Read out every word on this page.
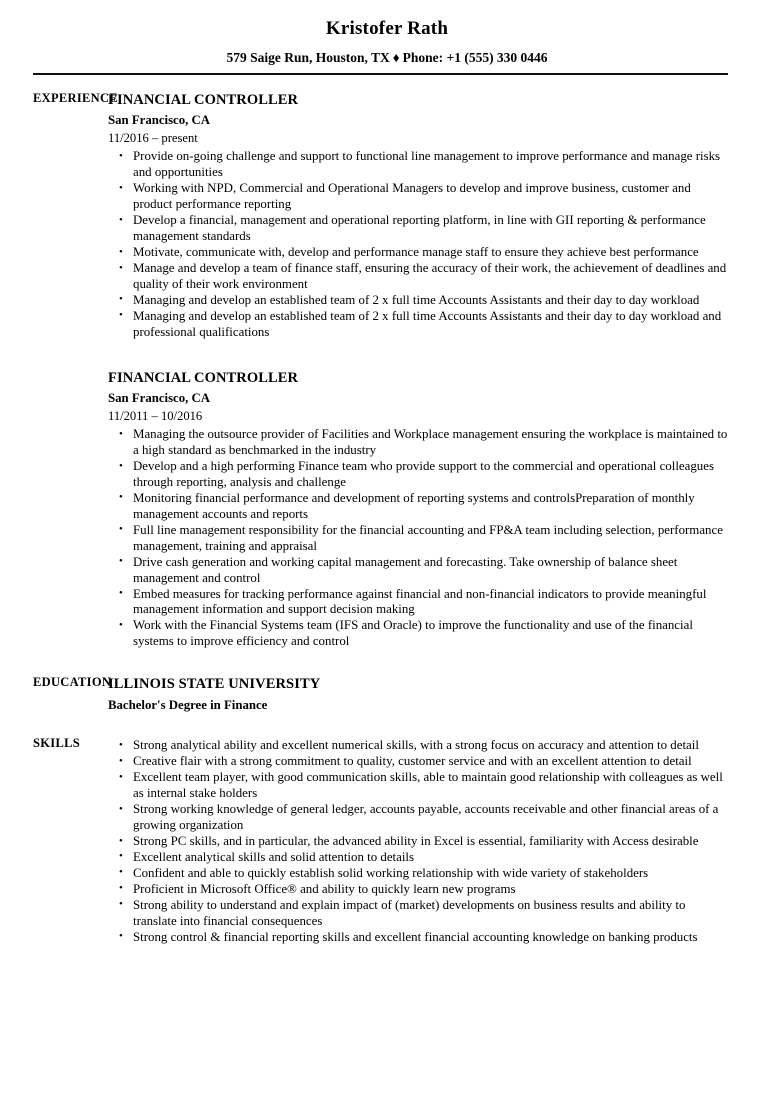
Kristofer Rath
579 Saige Run, Houston, TX ♦ Phone: +1 (555) 330 0446
EXPERIENCE
FINANCIAL CONTROLLER
San Francisco, CA
11/2016 – present
• Provide on-going challenge and support to functional line management to improve performance and manage risks and opportunities
• Working with NPD, Commercial and Operational Managers to develop and improve business, customer and product performance reporting
• Develop a financial, management and operational reporting platform, in line with GII reporting & performance management standards
• Motivate, communicate with, develop and performance manage staff to ensure they achieve best performance
• Manage and develop a team of finance staff, ensuring the accuracy of their work, the achievement of deadlines and quality of their work environment
• Managing and develop an established team of 2 x full time Accounts Assistants and their day to day workload
• Managing and develop an established team of 2 x full time Accounts Assistants and their day to day workload and professional qualifications
FINANCIAL CONTROLLER
San Francisco, CA
11/2011 – 10/2016
• Managing the outsource provider of Facilities and Workplace management ensuring the workplace is maintained to a high standard as benchmarked in the industry
• Develop and a high performing Finance team who provide support to the commercial and operational colleagues through reporting, analysis and challenge
• Monitoring financial performance and development of reporting systems and controlsPreparation of monthly management accounts and reports
• Full line management responsibility for the financial accounting and FP&A team including selection, performance management, training and appraisal
• Drive cash generation and working capital management and forecasting. Take ownership of balance sheet management and control
• Embed measures for tracking performance against financial and non-financial indicators to provide meaningful management information and support decision making
• Work with the Financial Systems team (IFS and Oracle) to improve the functionality and use of the financial systems to improve efficiency and control
EDUCATION
ILLINOIS STATE UNIVERSITY
Bachelor's Degree in Finance
SKILLS	• Strong analytical ability and excellent numerical skills, with a strong focus on accuracy and attention to detail
• Creative flair with a strong commitment to quality, customer service and with an excellent attention to detail
• Excellent team player, with good communication skills, able to maintain good relationship with colleagues as well as internal stake holders
• Strong working knowledge of general ledger, accounts payable, accounts receivable and other financial areas of a growing organization
• Strong PC skills, and in particular, the advanced ability in Excel is essential, familiarity with Access desirable
• Excellent analytical skills and solid attention to details
• Confident and able to quickly establish solid working relationship with wide variety of stakeholders
• Proficient in Microsoft Office® and ability to quickly learn new programs
• Strong ability to understand and explain impact of (market) developments on business results and ability to translate into financial consequences
• Strong control & financial reporting skills and excellent financial accounting knowledge on banking products
